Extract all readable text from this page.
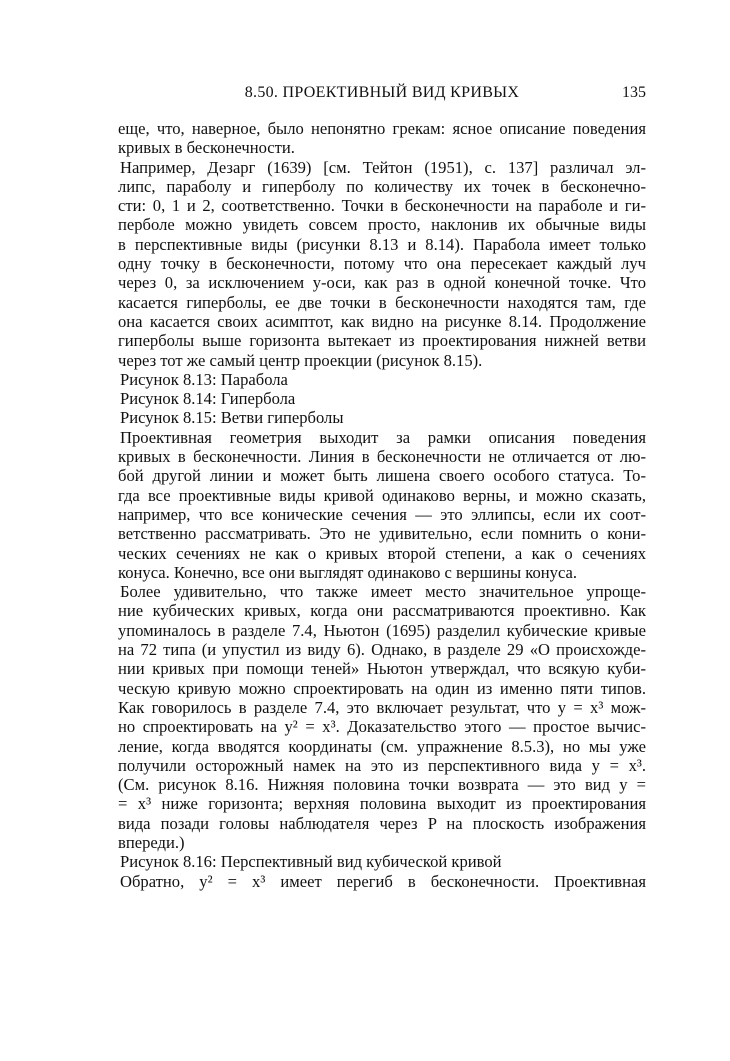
8.50. ПРОЕКТИВНЫЙ ВИД КРИВЫХ	135
еще, что, наверное, было непонятно грекам: ясное описание поведения
кривых в бесконечности.
Например, Дезарг (1639) [см. Тейтон (1951), с. 137] различал эл-
липс, параболу и гиперболу по количеству их точек в бесконечно-
сти: 0, 1 и 2, соответственно. Точки в бесконечности на параболе и ги-
перболе можно увидеть совсем просто, наклонив их обычные виды
в перспективные виды (рисунки 8.13 и 8.14). Парабола имеет только
одну точку в бесконечности, потому что она пересекает каждый луч
через 0, за исключением y-оси, как раз в одной конечной точке. Что
касается гиперболы, ее две точки в бесконечности находятся там, где
она касается своих асимптот, как видно на рисунке 8.14. Продолжение
гиперболы выше горизонта вытекает из проектирования нижней ветви
через тот же самый центр проекции (рисунок 8.15).
Рисунок 8.13: Парабола
Рисунок 8.14: Гипербола
Рисунок 8.15: Ветви гиперболы
Проективная геометрия выходит за рамки описания поведения
кривых в бесконечности. Линия в бесконечности не отличается от лю-
бой другой линии и может быть лишена своего особого статуса. То-
гда все проективные виды кривой одинаково верны, и можно сказать,
например, что все конические сечения — это эллипсы, если их соот-
ветственно рассматривать. Это не удивительно, если помнить о кони-
ческих сечениях не как о кривых второй степени, а как о сечениях
конуса. Конечно, все они выглядят одинаково с вершины конуса.
Более удивительно, что также имеет место значительное упроще-
ние кубических кривых, когда они рассматриваются проективно. Как
упоминалось в разделе 7.4, Ньютон (1695) разделил кубические кривые
на 72 типа (и упустил из виду 6). Однако, в разделе 29 «О происхожде-
нии кривых при помощи теней» Ньютон утверждал, что всякую куби-
ческую кривую можно спроектировать на один из именно пяти типов.
Как говорилось в разделе 7.4, это включает результат, что y = x³ мож-
но спроектировать на y² = x³. Доказательство этого — простое вычис-
ление, когда вводятся координаты (см. упражнение 8.5.3), но мы уже
получили осторожный намек на это из перспективного вида y = x³.
(См. рисунок 8.16. Нижняя половина точки возврата — это вид y =
= x³ ниже горизонта; верхняя половина выходит из проектирования
вида позади головы наблюдателя через P на плоскость изображения
впереди.)
Рисунок 8.16: Перспективный вид кубической кривой
Обратно, y² = x³ имеет перегиб в бесконечности. Проективная
